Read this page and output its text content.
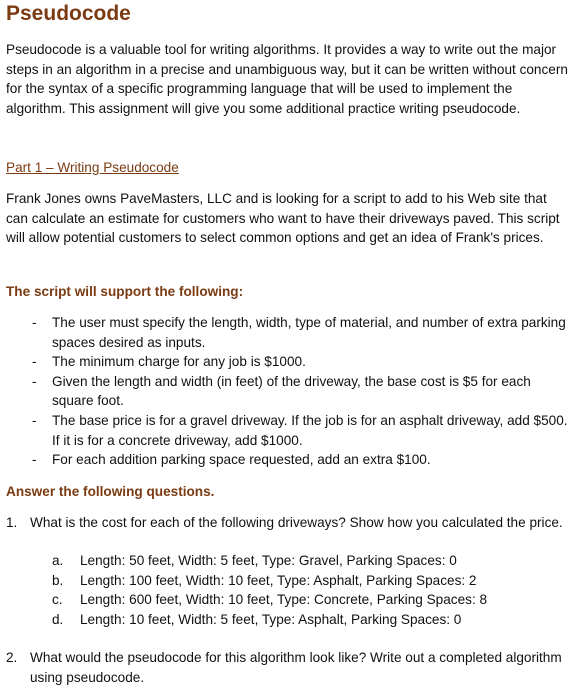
Pseudocode

Pseudocode is a valuable tool for writing algorithms. It provides a way to write out the major steps in an algorithm in a precise and unambiguous way, but it can be written without concern for the syntax of a specific programming language that will be used to implement the algorithm. This assignment will give you some additional practice writing pseudocode.

Part 1 – Writing Pseudocode

Frank Jones owns PaveMasters, LLC and is looking for a script to add to his Web site that can calculate an estimate for customers who want to have their driveways paved. This script will allow potential customers to select common options and get an idea of Frank's prices.

The script will support the following:

- The user must specify the length, width, type of material, and number of extra parking spaces desired as inputs.
- The minimum charge for any job is $1000.
- Given the length and width (in feet) of the driveway, the base cost is $5 for each square foot.
- The base price is for a gravel driveway. If the job is for an asphalt driveway, add $500. If it is for a concrete driveway, add $1000.
- For each addition parking space requested, add an extra $100.

Answer the following questions.

1. What is the cost for each of the following driveways? Show how you calculated the price.
a. Length: 50 feet, Width: 5 feet, Type: Gravel, Parking Spaces: 0
b. Length: 100 feet, Width: 10 feet, Type: Asphalt, Parking Spaces: 2
c. Length: 600 feet, Width: 10 feet, Type: Concrete, Parking Spaces: 8
d. Length: 10 feet, Width: 5 feet, Type: Asphalt, Parking Spaces: 0
2. What would the pseudocode for this algorithm look like? Write out a completed algorithm using pseudocode.
